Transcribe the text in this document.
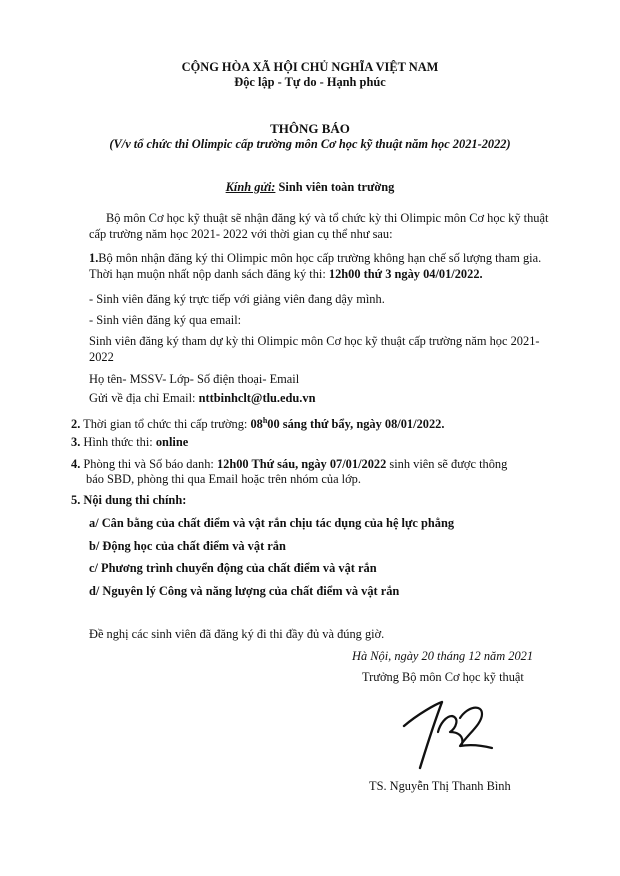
CỘNG HÒA XÃ HỘI CHỦ NGHĨA VIỆT NAM
Độc lập - Tự do - Hạnh phúc
THÔNG BÁO
(V/v tổ chức thi Olimpic cấp trường môn Cơ học kỹ thuật năm học 2021-2022)
Kính gửi: Sinh viên toàn trường
Bộ môn Cơ học kỹ thuật sẽ nhận đăng ký và tổ chức kỳ thi Olimpic môn Cơ học kỹ thuật cấp trường năm học 2021- 2022 với thời gian cụ thể như sau:
1.Bộ môn nhận đăng ký thi Olimpic môn học cấp trường không hạn chế số lượng tham gia. Thời hạn muộn nhất nộp danh sách đăng ký thi: 12h00 thứ 3 ngày 04/01/2022.
- Sinh viên đăng ký trực tiếp với giảng viên đang dậy mình.
- Sinh viên đăng ký qua email:
Sinh viên đăng ký tham dự kỳ thi Olimpic môn Cơ học kỹ thuật cấp trường năm học 2021-2022
Họ tên- MSSV- Lớp- Số điện thoại- Email
Gửi về địa chỉ Email: nttbinhclt@tlu.edu.vn
2. Thời gian tổ chức thi cấp trường: 08$^h$00 sáng thứ bẩy, ngày 08/01/2022.
3. Hình thức thi: online
4. Phòng thi và Số báo danh: 12h00 Thứ sáu, ngày 07/01/2022 sinh viên sẽ được thông
báo SBD, phòng thi qua Email hoặc trên nhóm của lớp.
5. Nội dung thi chính:
a/ Cân bằng của chất điểm và vật rắn chịu tác dụng của hệ lực phẳng
b/ Động học của chất điểm và vật rắn
c/ Phương trình chuyển động của chất điểm và vật rắn
d/ Nguyên lý Công và năng lượng của chất điểm và vật rắn
Đề nghị các sinh viên đã đăng ký đi thi đầy đủ và đúng giờ.
Hà Nội, ngày 20 tháng 12 năm 2021
Trưởng Bộ môn Cơ học kỹ thuật
TS. Nguyễn Thị Thanh Bình
